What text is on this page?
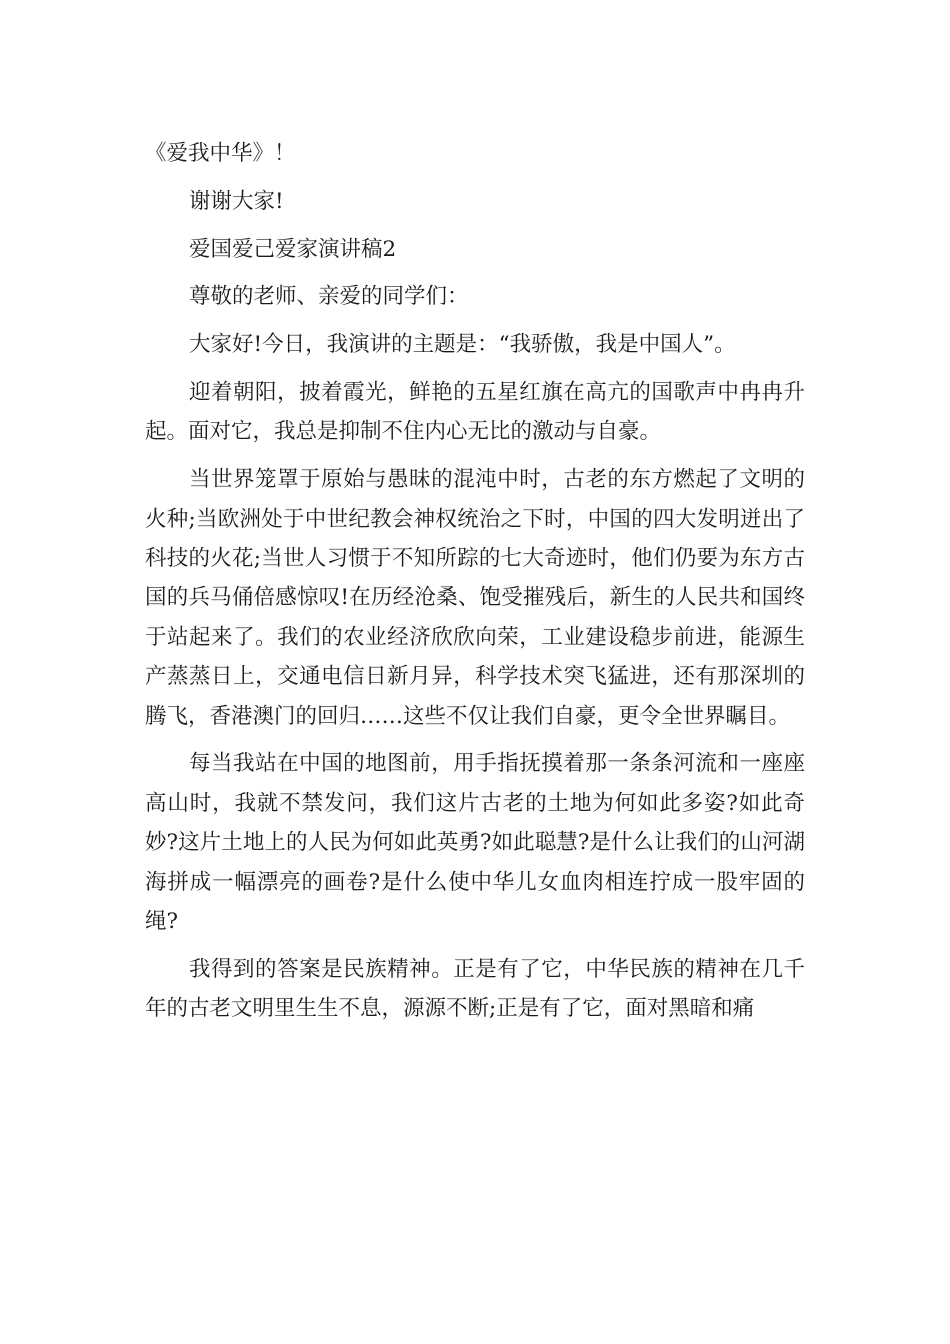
《爱我中华》！

谢谢大家!

爱国爱己爱家演讲稿2

尊敬的老师、亲爱的同学们：

大家好!今日，我演讲的主题是：“我骄傲，我是中国人”。

迎着朝阳，披着霞光，鲜艳的五星红旗在高亢的国歌声中冉冉升起。面对它，我总是抑制不住内心无比的激动与自豪。

当世界笼罩于原始与愚昧的混沌中时，古老的东方燃起了文明的火种;当欧洲处于中世纪教会神权统治之下时，中国的四大发明迸出了科技的火花;当世人习惯于不知所踪的七大奇迹时，他们仍要为东方古国的兵马俑倍感惊叹!在历经沧桑、饱受摧残后，新生的人民共和国终于站起来了。我们的农业经济欣欣向荣，工业建设稳步前进，能源生产蒸蒸日上，交通电信日新月异，科学技术突飞猛进，还有那深圳的腾飞，香港澳门的回归……这些不仅让我们自豪，更令全世界瞩目。

每当我站在中国的地图前，用手指抚摸着那一条条河流和一座座高山时，我就不禁发问，我们这片古老的土地为何如此多姿?如此奇妙?这片土地上的人民为何如此英勇?如此聪慧?是什么让我们的山河湖海拼成一幅漂亮的画卷?是什么使中华儿女血肉相连拧成一股牢固的绳?

我得到的答案是民族精神。正是有了它，中华民族的精神在几千年的古老文明里生生不息，源源不断;正是有了它，面对黑暗和痛
